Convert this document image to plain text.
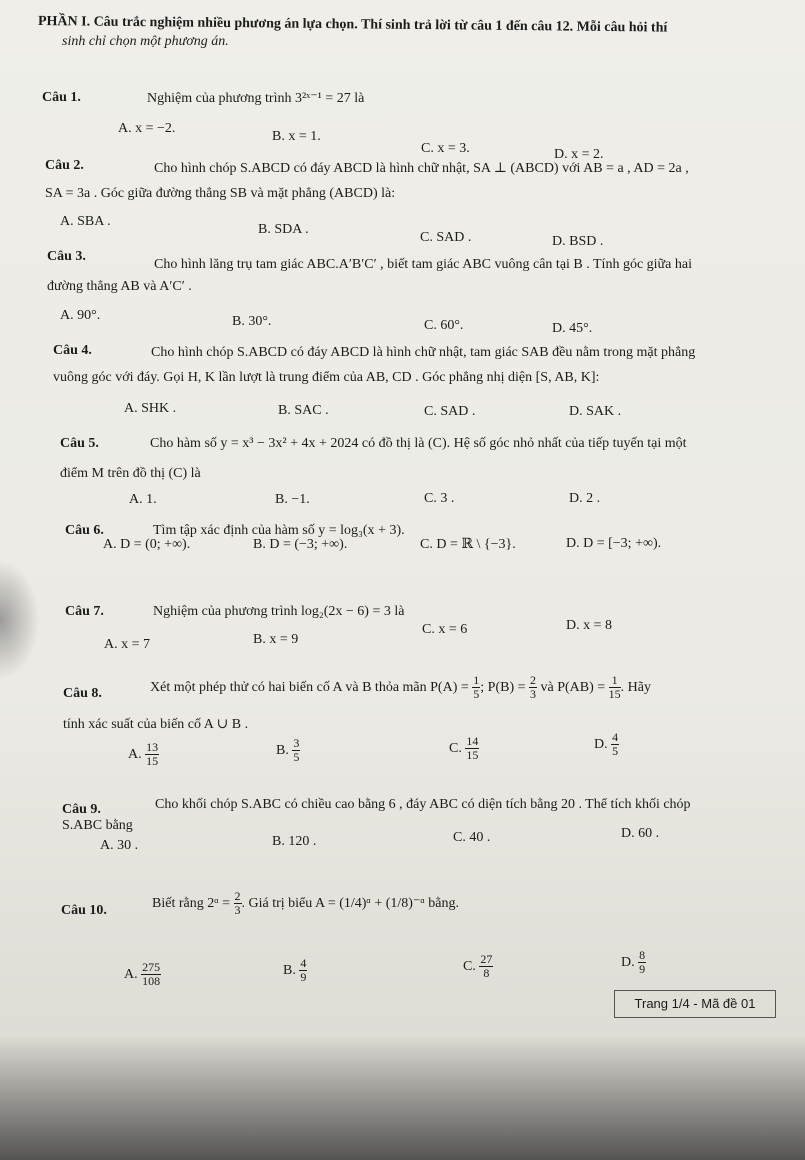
PHẦN I. Câu trắc nghiệm nhiều phương án lựa chọn. Thí sinh trả lời từ câu 1 đến câu 12. Mỗi câu hỏi thí
sinh chỉ chọn một phương án.
Câu 1.	Nghiệm của phương trình 3²ˣ⁻¹ = 27 là
A. x = −2.
B. x = 1.
C. x = 3.	D. x = 2.
Câu 2.	Cho hình chóp S.ABCD có đáy ABCD là hình chữ nhật, SA ⊥ (ABCD) với AB = a , AD = 2a ,
SA = 3a . Góc giữa đường thẳng SB và mặt phẳng (ABCD) là:
A. SBA .
B. SDA .
C. SAD .	D. BSD .
Câu 3.
Cho hình lăng trụ tam giác ABC.A′B′C′ , biết tam giác ABC vuông cân tại B . Tính góc giữa hai
đường thẳng AB và A′C′ .
A. 90°.	B. 30°.	C. 60°.	D. 45°.
Câu 4.	Cho hình chóp S.ABCD có đáy ABCD là hình chữ nhật, tam giác SAB đều nằm trong mặt phẳng
vuông góc với đáy. Gọi H, K lần lượt là trung điểm của AB, CD . Góc phẳng nhị diện [S, AB, K]:
A. SHK .	B. SAC .	C. SAD .	D. SAK .
Câu 5.	Cho hàm số y = x³ − 3x² + 4x + 2024 có đồ thị là (C). Hệ số góc nhỏ nhất của tiếp tuyến tại một
điểm M trên đồ thị (C) là
A. 1.	B. −1.	C. 3 .	D. 2 .
Câu 6.	Tìm tập xác định của hàm số y = log₃(x + 3).
A. D = (0; +∞).	B. D = (−3; +∞).	C. D = ℝ \ {−3}.	D. D = [−3; +∞).
Câu 7.	Nghiệm của phương trình log₂(2x − 6) = 3 là
A. x = 7	B. x = 9
C. x = 6	D. x = 8
Câu 8.	Xét một phép thử có hai biến cố A và B thỏa mãn $P(A) = \frac{1}{5}$ ; $P(B) = \frac{2}{3}$ và $P(AB) = \frac{1}{15}$ . Hãy
tính xác suất của biến cố A ∪ B .
A. $\frac{13}{15}$	B. $\frac{3}{5}$	C. $\frac{14}{15}$	D. $\frac{4}{5}$
Câu 9.	Cho khối chóp S.ABC có chiều cao bằng 6 , đáy ABC có diện tích bằng 20 . Thể tích khối chóp
S.ABC bằng
A. 30 .	B. 120 .	C. 40 .	D. 60 .
Câu 10.	Biết rằng 2ᵅ = $\frac{2}{3}$ . Giá trị biểu A = (1/4)ᵅ + (1/8)⁻ᵅ bằng.
A. $\frac{275}{108}$	B. $\frac{4}{9}$	C. $\frac{27}{8}$	D. $\frac{8}{9}$
Trang 1/4 - Mã đề 01
